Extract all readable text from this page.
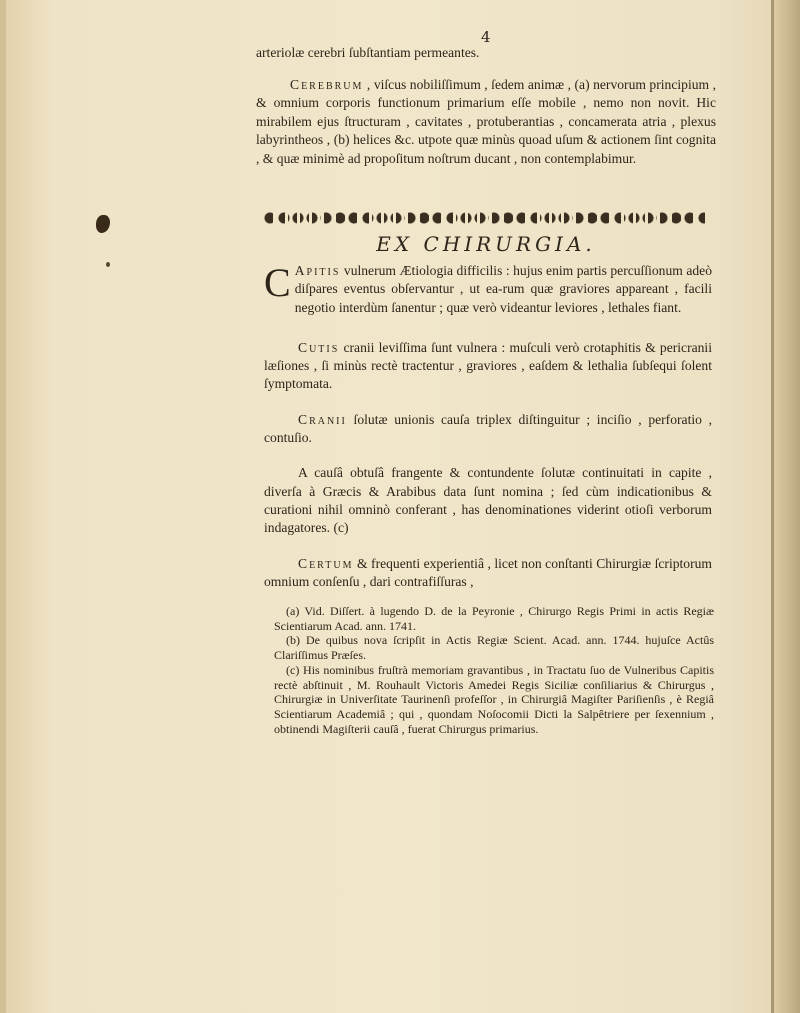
4

arteriolæ cerebri ſubſtantiam permeantes.

Cerebrum , viſcus nobiliſſimum , ſedem animæ , (a) nervorum principium , & omnium corporis functionum primarium eſſe mobile , nemo non novit. Hic mirabilem ejus ſtructuram , cavitates , protuberantias , concamerata atria , plexus labyrintheos , (b) helices &c. utpote quæ minùs quoad uſum & actionem ſint cognita , & quæ minimè ad propoſitum noſtrum ducant , non contemplabimur.

EX CHIRURGIA.

C Apitis vulnerum Ætiologia difficilis : hujus enim partis percuſſionum adeò diſpares eventus obſervantur , ut ea-rum quæ graviores appareant , facili negotio interdùm ſanentur ; quæ verò videantur leviores , lethales fiant.

Cutis cranii leviſſima ſunt vulnera : muſculi verò crotaphitis & pericranii læſiones , ſi minùs rectè tractentur , graviores , eaſdem & lethalia ſubſequi ſolent ſymptomata.

Cranii ſolutæ unionis cauſa triplex diſtinguitur ; inciſio , perforatio , contuſio.

A cauſâ obtuſâ frangente & contundente ſolutæ continuitati in capite , diverſa à Græcis & Arabibus data ſunt nomina ; ſed cùm indicationibus & curationi nihil omninò conferant , has denominationes viderint otioſi verborum indagatores. (c)

Certum & frequenti experientiâ , licet non conſtanti Chirurgiæ ſcriptorum omnium conſenſu , dari contrafiſſuras ,

(a) Vid. Diſſert. à lugendo D. de la Peyronie , Chirurgo Regis Primi in actis Regiæ Scientiarum Acad. ann. 1741.

(b) De quibus nova ſcripſit in Actis Regiæ Scient. Acad. ann. 1744. hujuſce Actûs Clariſſimus Præſes.

(c) His nominibus fruſtrà memoriam gravantibus , in Tractatu ſuo de Vulneribus Capitis rectè abſtinuit , M. Rouhault Victoris Amedei Regis Siciliæ conſiliarius & Chirurgus , Chirurgiæ in Univerſitate Taurinenſi profeſſor , in Chirurgiâ Magiſter Pariſienſis , è Regiâ Scientiarum Academiâ ; qui , quondam Noſocomii Dicti la Salpêtriere per ſexennium , obtinendi Magiſterii cauſâ , fuerat Chirurgus primarius.
